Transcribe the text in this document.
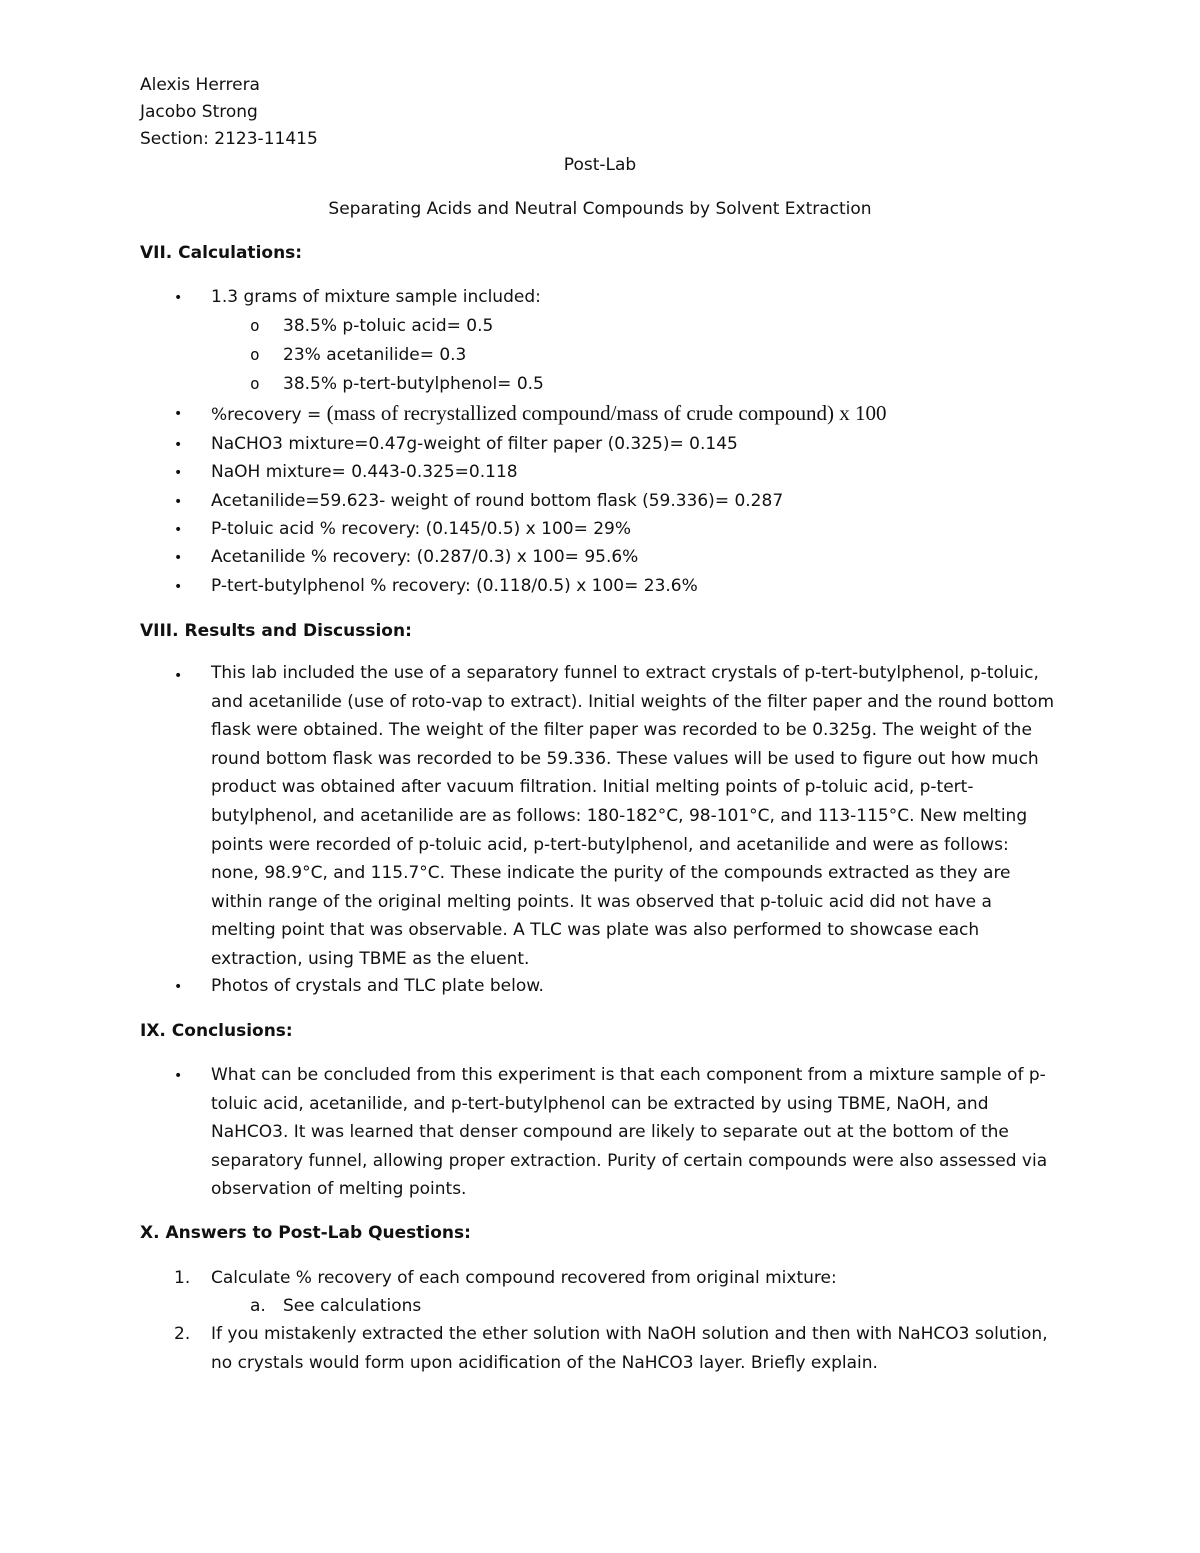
Alexis Herrera
Jacobo Strong
Section: 2123-11415
Post-Lab
Separating Acids and Neutral Compounds by Solvent Extraction
VII. Calculations:
• 1.3 grams of mixture sample included:
o 38.5% p-toluic acid= 0.5
o 23% acetanilide= 0.3
o 38.5% p-tert-butylphenol= 0.5
• %recovery = (mass of recrystallized compound/mass of crude compound) x 100
• NaCHO3 mixture=0.47g-weight of filter paper (0.325)= 0.145
• NaOH mixture= 0.443-0.325=0.118
• Acetanilide=59.623- weight of round bottom flask (59.336)= 0.287
• P-toluic acid % recovery: (0.145/0.5) x 100= 29%
• Acetanilide % recovery: (0.287/0.3) x 100= 95.6%
• P-tert-butylphenol % recovery: (0.118/0.5) x 100= 23.6%
VIII. Results and Discussion:
• This lab included the use of a separatory funnel to extract crystals of p-tert-butylphenol, p-toluic, and acetanilide (use of roto-vap to extract). Initial weights of the filter paper and the round bottom flask were obtained. The weight of the filter paper was recorded to be 0.325g. The weight of the round bottom flask was recorded to be 59.336. These values will be used to figure out how much product was obtained after vacuum filtration. Initial melting points of p-toluic acid, p-tert-butylphenol, and acetanilide are as follows: 180-182°C, 98-101°C, and 113-115°C. New melting points were recorded of p-toluic acid, p-tert-butylphenol, and acetanilide and were as follows: none, 98.9°C, and 115.7°C. These indicate the purity of the compounds extracted as they are within range of the original melting points. It was observed that p-toluic acid did not have a melting point that was observable. A TLC was plate was also performed to showcase each extraction, using TBME as the eluent.
• Photos of crystals and TLC plate below.
IX. Conclusions:
• What can be concluded from this experiment is that each component from a mixture sample of p-toluic acid, acetanilide, and p-tert-butylphenol can be extracted by using TBME, NaOH, and NaHCO3. It was learned that denser compound are likely to separate out at the bottom of the separatory funnel, allowing proper extraction. Purity of certain compounds were also assessed via observation of melting points.
X. Answers to Post-Lab Questions:
1. Calculate % recovery of each compound recovered from original mixture:
a. See calculations
2. If you mistakenly extracted the ether solution with NaOH solution and then with NaHCO3 solution, no crystals would form upon acidification of the NaHCO3 layer. Briefly explain.
